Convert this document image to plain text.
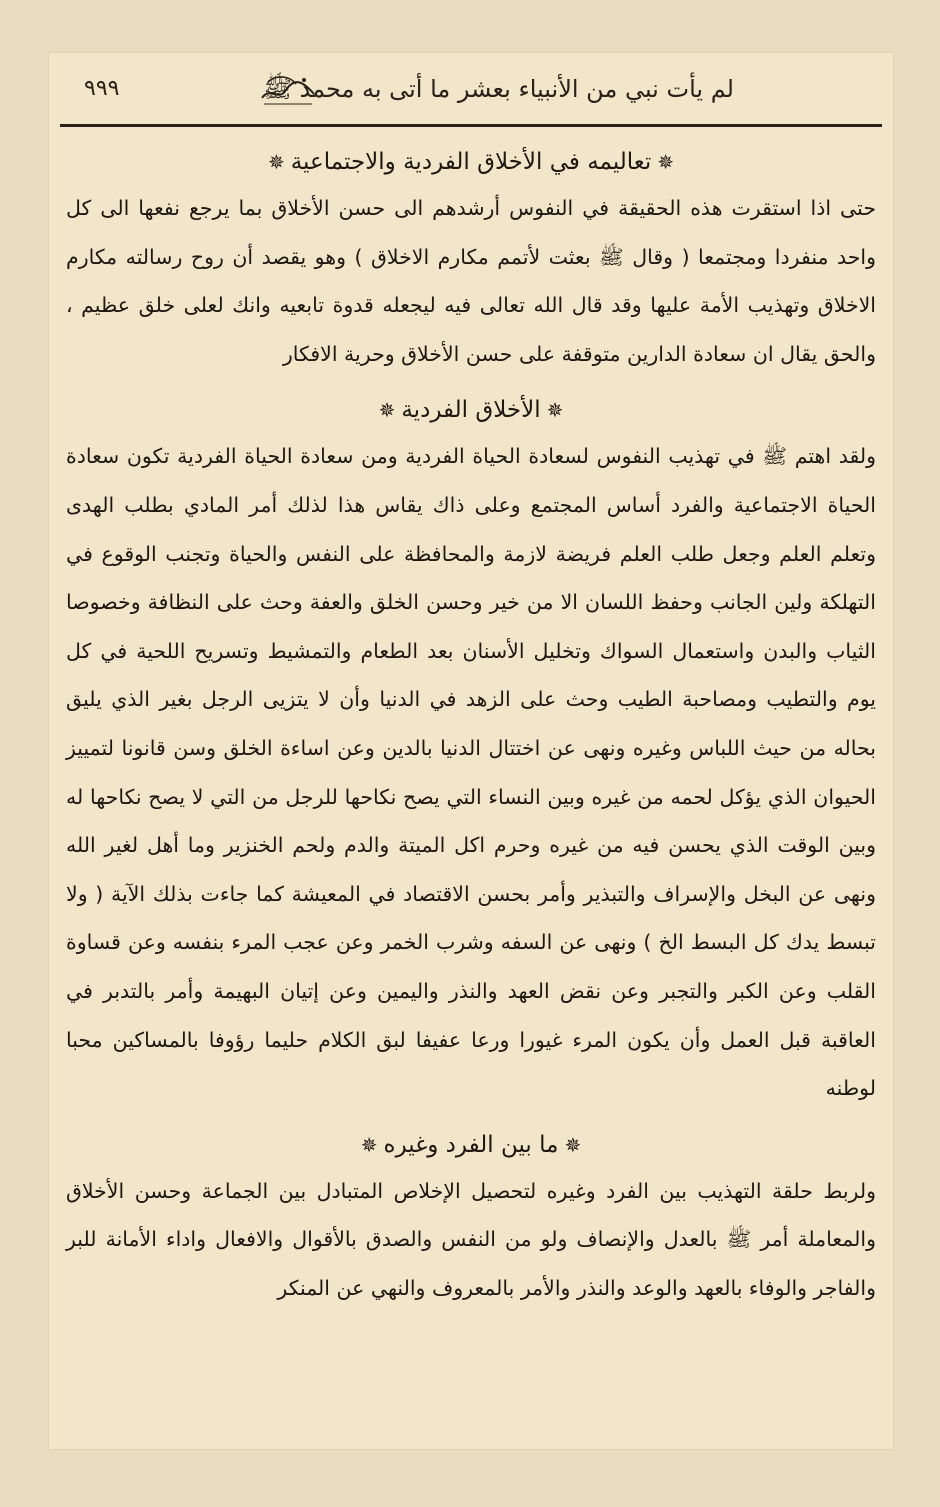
٩٩٩	لم يأت نبي من الأنبياء بعشر ما أتى به محمد ﷺ
✵تعاليمه في الأخلاق الفردية والاجتماعية✵

حتى اذا استقرت هذه الحقيقة في النفوس أرشدهم الى حسن الأخلاق بما يرجع نفعها الى كل واحد منفردا ومجتمعا ( وقال ﷺ بعثت لأتمم مكارم الاخلاق ) وهو يقصد أن روح رسالته مكارم الاخلاق وتهذيب الأمة عليها وقد قال الله تعالى فيه ليجعله قدوة تابعيه وانك لعلى خلق عظيم ، والحق يقال ان سعادة الدارين متوقفة على حسن الأخلاق وحرية الافكار

✵الأخلاق الفردية✵

ولقد اهتم ﷺ في تهذيب النفوس لسعادة الحياة الفردية ومن سعادة الحياة الفردية تكون سعادة الحياة الاجتماعية والفرد أساس المجتمع وعلى ذاك يقاس هذا لذلك أمر المادي بطلب الهدى وتعلم العلم وجعل طلب العلم فريضة لازمة والمحافظة على النفس والحياة وتجنب الوقوع في التهلكة ولين الجانب وحفظ اللسان الا من خير وحسن الخلق والعفة وحث على النظافة وخصوصا الثياب والبدن واستعمال السواك وتخليل الأسنان بعد الطعام والتمشيط وتسريح اللحية في كل يوم والتطيب ومصاحبة الطيب وحث على الزهد في الدنيا وأن لا يتزيى الرجل بغير الذي يليق بحاله من حيث اللباس وغيره ونهى عن اختتال الدنيا بالدين وعن اساءة الخلق وسن قانونا لتمييز الحيوان الذي يؤكل لحمه من غيره وبين النساء التي يصح نكاحها للرجل من التي لا يصح نكاحها له وبين الوقت الذي يحسن فيه من غيره وحرم اكل الميتة والدم ولحم الخنزير وما أهل لغير الله ونهى عن البخل والإسراف والتبذير وأمر بحسن الاقتصاد في المعيشة كما جاءت بذلك الآية ( ولا تبسط يدك كل البسط الخ ) ونهى عن السفه وشرب الخمر وعن عجب المرء بنفسه وعن قساوة القلب وعن الكبر والتجبر وعن نقض العهد والنذر واليمين وعن إتيان البهيمة وأمر بالتدبر في العاقبة قبل العمل وأن يكون المرء غيورا ورعا عفيفا لبق الكلام حليما رؤوفا بالمساكين محبا لوطنه

✵ما بين الفرد وغيره✵

ولربط حلقة التهذيب بين الفرد وغيره لتحصيل الإخلاص المتبادل بين الجماعة وحسن الأخلاق والمعاملة أمر ﷺ بالعدل والإنصاف ولو من النفس والصدق بالأقوال والافعال واداء الأمانة للبر والفاجر والوفاء بالعهد والوعد والنذر والأمر بالمعروف والنهي عن المنكر
